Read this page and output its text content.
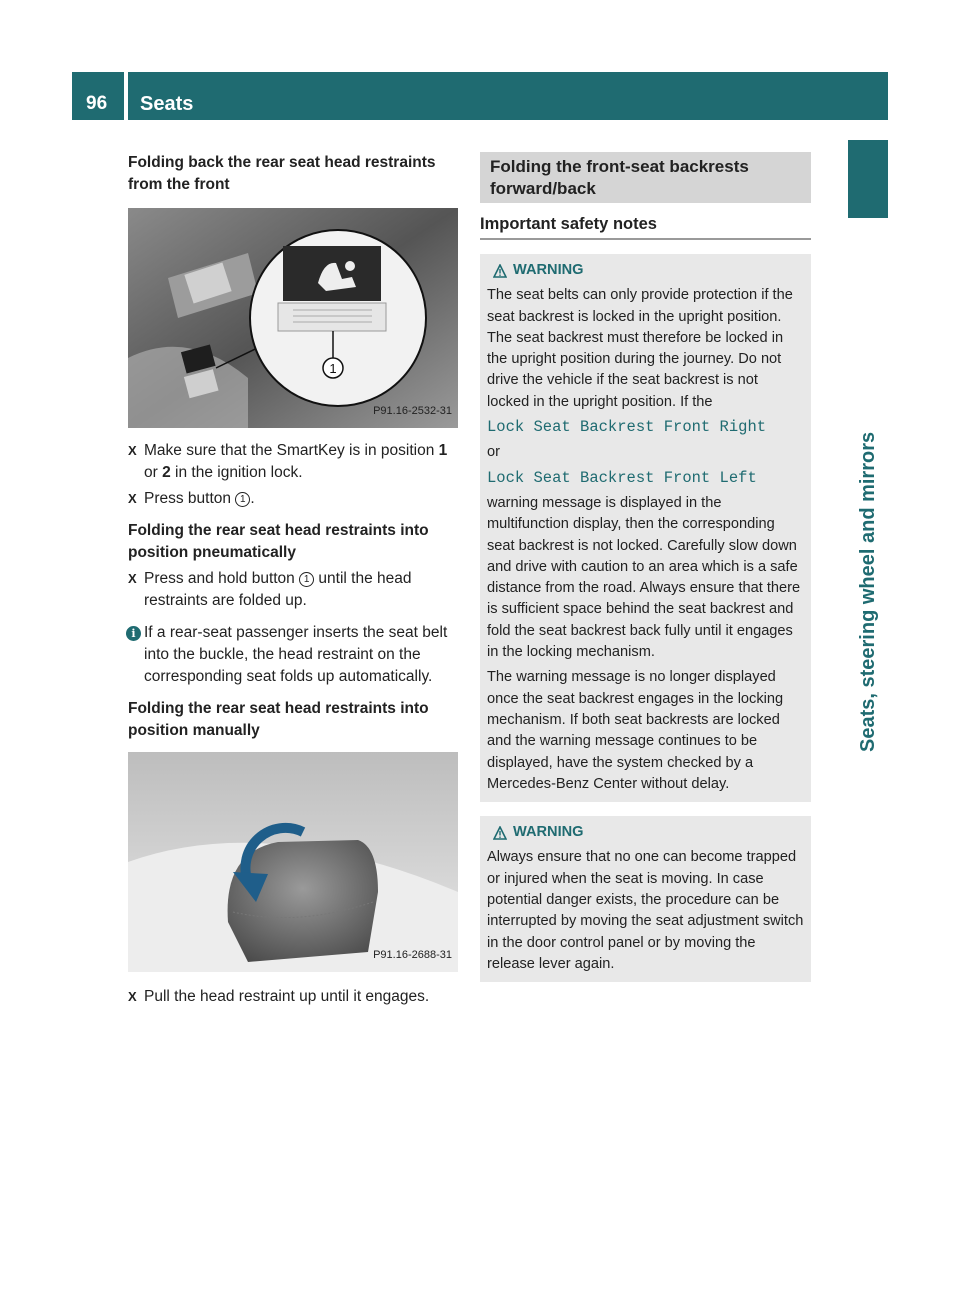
96	Seats
Seats, steering wheel and mirrors

Folding back the rear seat head restraints from the front

1
P91.16-2532-31
X Make sure that the SmartKey is in position 1 or 2 in the ignition lock.
X Press button 1 .

Folding the rear seat head restraints into position pneumatically

X Press and hold button 1 until the head restraints are folded up.
i If a rear-seat passenger inserts the seat belt into the buckle, the head restraint on the corresponding seat folds up automatically.

Folding the rear seat head restraints into position manually

P91.16-2688-31
X Pull the head restraint up until it engages.
Folding the front-seat backrests forward/back
Important safety notes
WARNING

The seat belts can only provide protection if the seat backrest is locked in the upright position. The seat backrest must therefore be locked in the upright position during the journey. Do not drive the vehicle if the seat backrest is not locked in the upright position. If the

Lock Seat Backrest Front Right

or

Lock Seat Backrest Front Left

warning message is displayed in the multifunction display, then the corresponding seat backrest is not locked. Carefully slow down and drive with caution to an area which is a safe distance from the road. Always ensure that there is sufficient space behind the seat backrest and fold the seat backrest back fully until it engages in the locking mechanism.

The warning message is no longer displayed once the seat backrest engages in the locking mechanism. If both seat backrests are locked and the warning message continues to be displayed, have the system checked by a Mercedes-Benz Center without delay.

WARNING

Always ensure that no one can become trapped or injured when the seat is moving. In case potential danger exists, the procedure can be interrupted by moving the seat adjustment switch in the door control panel or by moving the release lever again.
